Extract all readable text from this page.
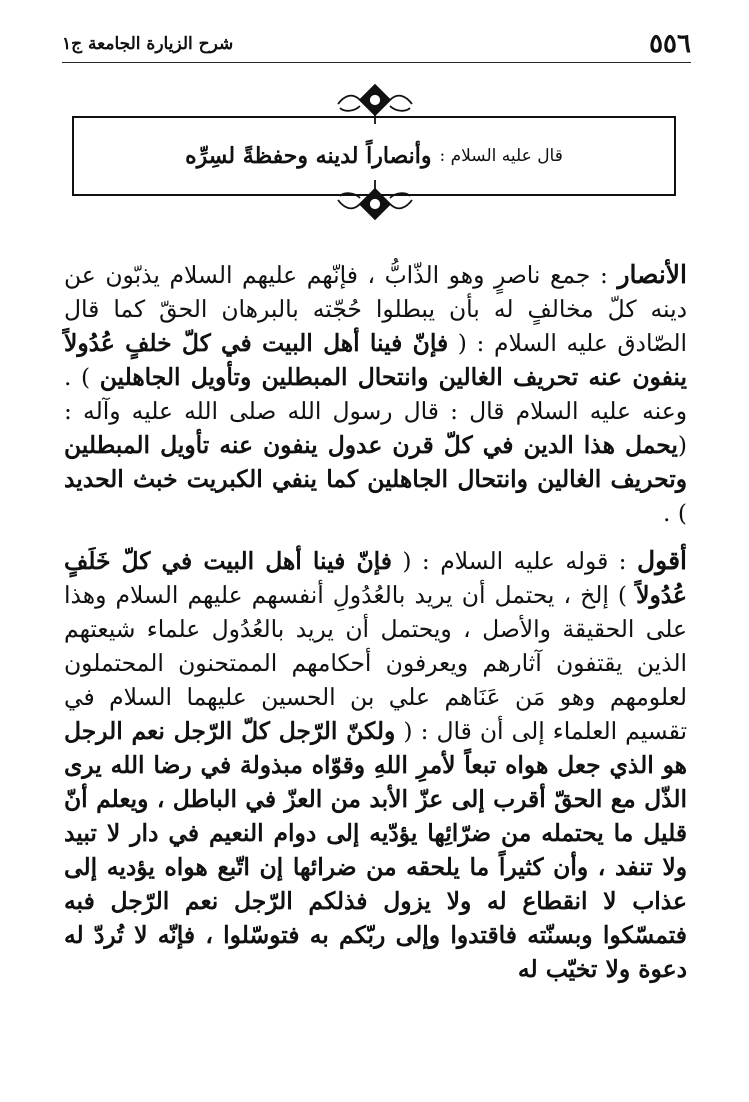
٥٥٦
شرح الزيارة الجامعة ج١
قال عليه السلام :
وأنصاراً لدينه وحفظةً لسِرِّه

الأنصار : جمع ناصرٍ وهو الذّابُّ ، فإنّهم عليهم السلام يذبّون عن دينه كلّ مخالفٍ له بأن يبطلوا حُجّته بالبرهان الحقّ كما قال الصّادق عليه السلام : ( فإنّ فينا أهل البيت في كلّ خلفٍ عُدُولاً ينفون عنه تحريف الغالين وانتحال المبطلين وتأويل الجاهلين ) . وعنه عليه السلام قال : قال رسول الله صلى الله عليه وآله : (يحمل هذا الدين في كلّ قرن عدول ينفون عنه تأويل المبطلين وتحريف الغالين وانتحال الجاهلين كما ينفي الكبريت خبث الحديد ) .

أقول : قوله عليه السلام : ( فإنّ فينا أهل البيت في كلّ خَلَفٍ عُدُولاً ) إلخ ، يحتمل أن يريد بالعُدُولِ أنفسهم عليهم السلام وهذا على الحقيقة والأصل ، ويحتمل أن يريد بالعُدُول علماء شيعتهم الذين يقتفون آثارهم ويعرفون أحكامهم الممتحنون المحتملون لعلومهم وهو مَن عَنَاهم علي بن الحسين عليهما السلام في تقسيم العلماء إلى أن قال : ( ولكنّ الرّجل كلّ الرّجل نعم الرجل هو الذي جعل هواه تبعاً لأمرِ اللهِ وقوّاه مبذولة في رضا الله يرى الذّل مع الحقّ أقرب إلى عزّ الأبد من العزّ في الباطل ، ويعلم أنّ قليل ما يحتمله من ضرّائِها يؤدّيه إلى دوام النعيم في دار لا تبيد ولا تنفد ، وأن كثيراً ما يلحقه من ضرائها إن اتّبع هواه يؤديه إلى عذاب لا انقطاع له ولا يزول فذلكم الرّجل نعم الرّجل فبه فتمسّكوا وبسنّته فاقتدوا وإلى ربّكم به فتوسّلوا ، فإنّه لا تُردّ له دعوة ولا تخيّب له
